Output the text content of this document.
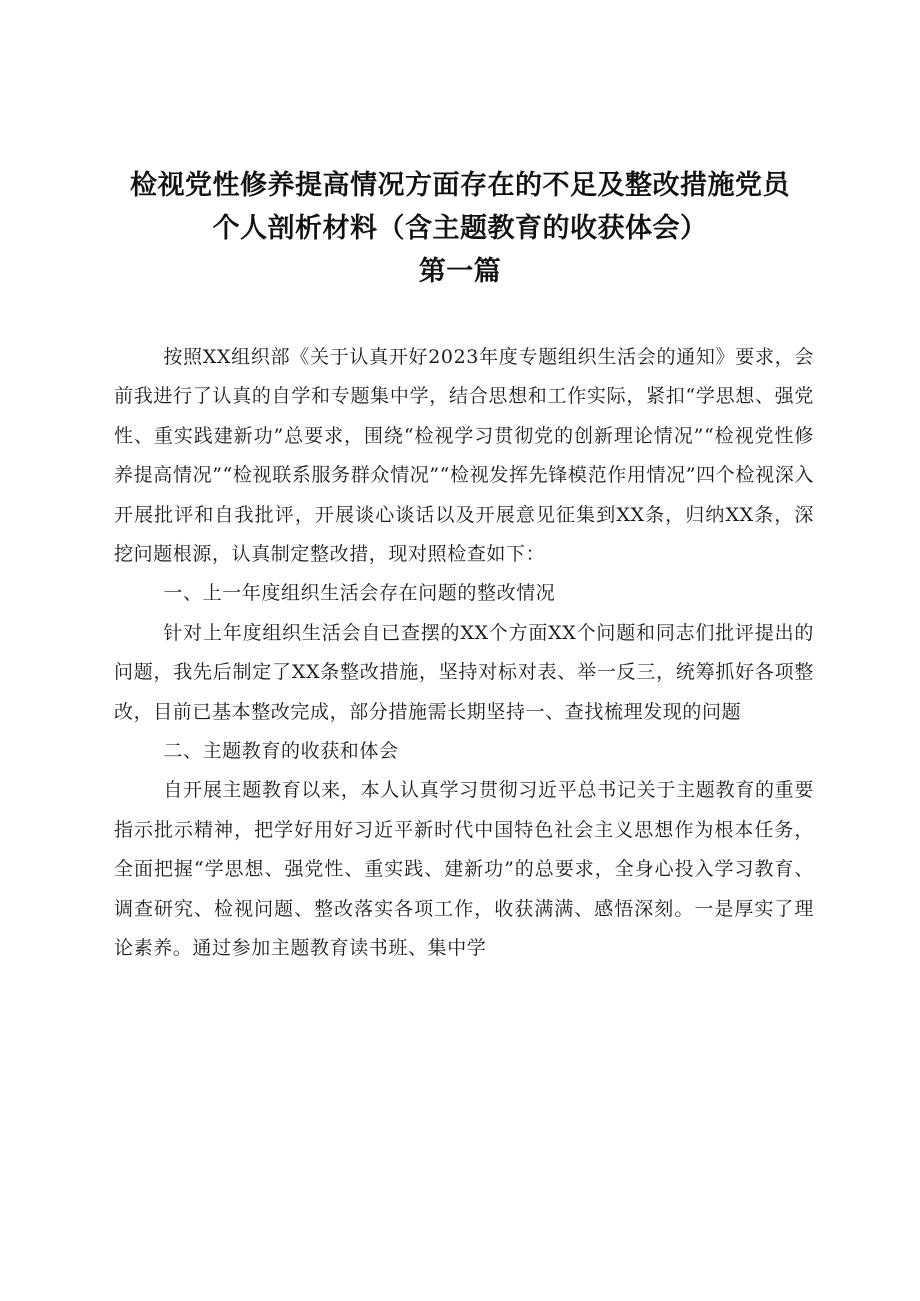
检视党性修养提高情况方面存在的不足及整改措施党员
个人剖析材料（含主题教育的收获体会）
第一篇

按照XX组织部《关于认真开好2023年度专题组织生活会的通知》要求，会前我进行了认真的自学和专题集中学，结合思想和工作实际，紧扣“学思想、强党性、重实践建新功”总要求，围绕“检视学习贯彻党的创新理论情况”“检视党性修养提高情况”“检视联系服务群众情况”“检视发挥先锋模范作用情况”四个检视深入开展批评和自我批评，开展谈心谈话以及开展意见征集到XX条，归纳XX条，深挖问题根源，认真制定整改措，现对照检查如下：

一、上一年度组织生活会存在问题的整改情况

针对上年度组织生活会自已查摆的XX个方面XX个问题和同志们批评提出的问题，我先后制定了XX条整改措施，坚持对标对表、举一反三，统筹抓好各项整改，目前已基本整改完成，部分措施需长期坚持一、查找梳理发现的问题

二、主题教育的收获和体会

自开展主题教育以来，本人认真学习贯彻习近平总书记关于主题教育的重要指示批示精神，把学好用好习近平新时代中国特色社会主义思想作为根本任务，全面把握“学思想、强党性、重实践、建新功”的总要求，全身心投入学习教育、调查研究、检视问题、整改落实各项工作，收获满满、感悟深刻。一是厚实了理论素养。通过参加主题教育读书班、集中学
